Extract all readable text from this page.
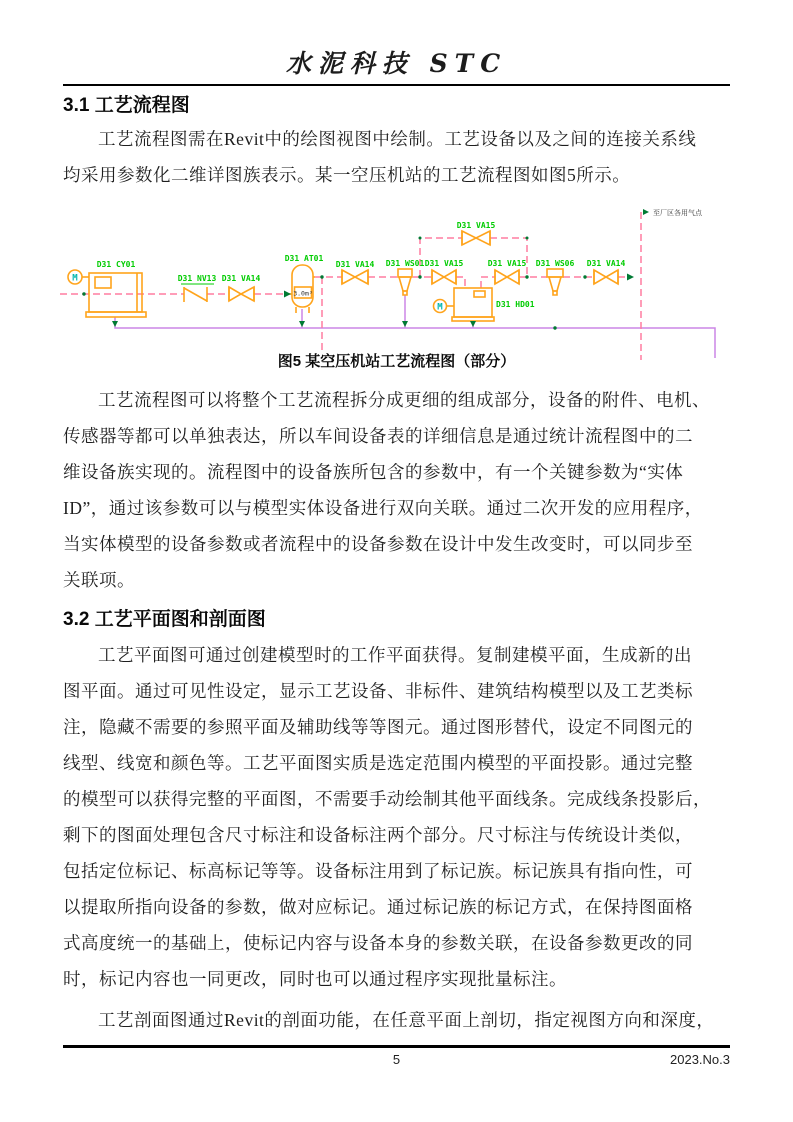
水泥科技 STC
3.1 工艺流程图
工艺流程图需在Revit中的绘图视图中绘制。工艺设备以及之间的连接关系线
均采用参数化二维详图族表示。某一空压机站的工艺流程图如图5所示。
M
D31 CY01
D31 NV13 D31 VA14
3.0m³
D31 AT01
D31 VA14 D31 WS01
D31 VA15
D31 VA15
M	D31 HD01
D31 VA15 D31 WS06 D31 VA14
至厂区各用气点
图5 某空压机站工艺流程图（部分）
工艺流程图可以将整个工艺流程拆分成更细的组成部分，设备的附件、电机、
传感器等都可以单独表达，所以车间设备表的详细信息是通过统计流程图中的二
维设备族实现的。流程图中的设备族所包含的参数中，有一个关键参数为“实体
ID”，通过该参数可以与模型实体设备进行双向关联。通过二次开发的应用程序，
当实体模型的设备参数或者流程中的设备参数在设计中发生改变时，可以同步至
关联项。
3.2 工艺平面图和剖面图
工艺平面图可通过创建模型时的工作平面获得。复制建模平面，生成新的出
图平面。通过可见性设定，显示工艺设备、非标件、建筑结构模型以及工艺类标
注，隐藏不需要的参照平面及辅助线等等图元。通过图形替代，设定不同图元的
线型、线宽和颜色等。工艺平面图实质是选定范围内模型的平面投影。通过完整
的模型可以获得完整的平面图，不需要手动绘制其他平面线条。完成线条投影后，
剩下的图面处理包含尺寸标注和设备标注两个部分。尺寸标注与传统设计类似，
包括定位标记、标高标记等等。设备标注用到了标记族。标记族具有指向性，可
以提取所指向设备的参数，做对应标记。通过标记族的标记方式，在保持图面格
式高度统一的基础上，使标记内容与设备本身的参数关联，在设备参数更改的同
时，标记内容也一同更改，同时也可以通过程序实现批量标注。
工艺剖面图通过Revit的剖面功能，在任意平面上剖切，指定视图方向和深度，
5	2023.No.3
